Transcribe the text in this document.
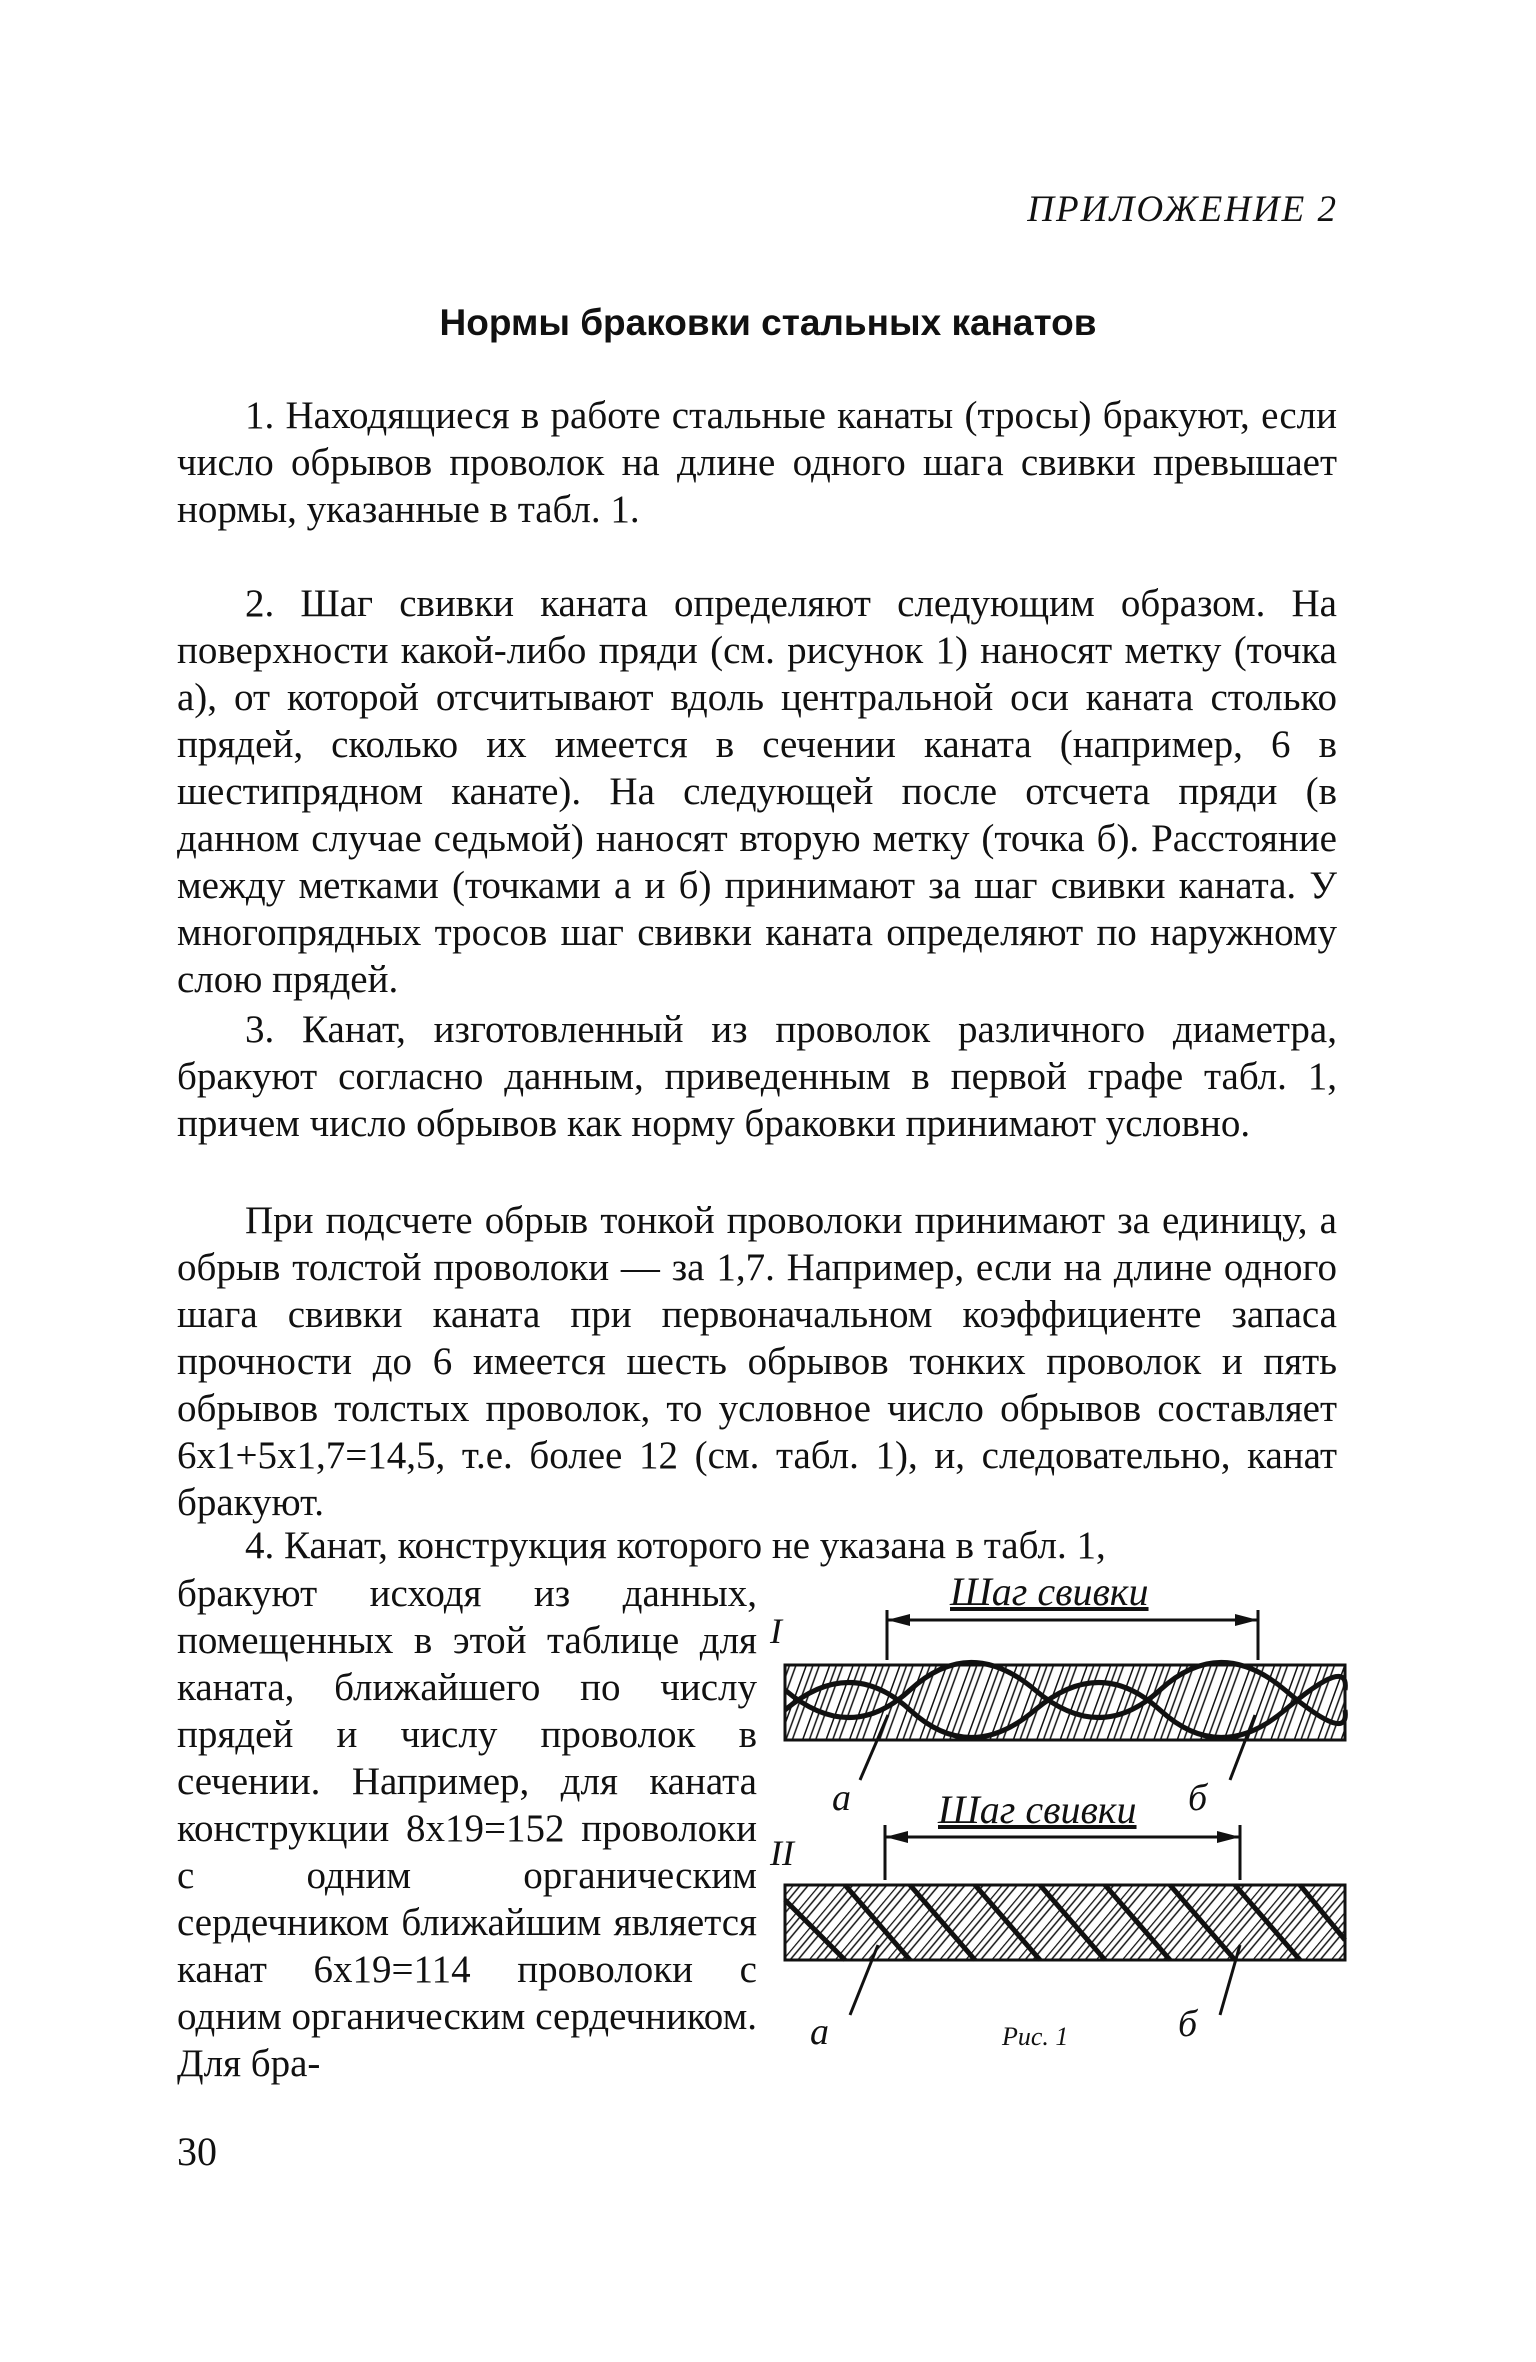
ПРИЛОЖЕНИЕ 2
Нормы браковки стальных канатов

1. Находящиеся в работе стальные канаты (тросы) бракуют, если число обрывов проволок на длине одного шага свивки превышает нормы, указанные в табл. 1.

2. Шаг свивки каната определяют следующим образом. На поверхности какой-либо пряди (см. рисунок 1) наносят метку (точка а), от которой отсчитывают вдоль центральной оси каната столько прядей, сколько их имеется в сечении каната (например, 6 в шестипрядном канате). На следующей после отсчета пряди (в данном случае седьмой) наносят вторую метку (точка б). Расстояние между метками (точками а и б) принимают за шаг свивки каната. У многопрядных тросов шаг свивки каната определяют по наружному слою прядей.

3. Канат, изготовленный из проволок различного диаметра, бракуют согласно данным, приведенным в первой графе табл. 1, причем число обрывов как норму браковки принимают условно.

При подсчете обрыв тонкой проволоки принимают за единицу, а обрыв толстой проволоки — за 1,7. Например, если на длине одного шага свивки каната при первоначальном коэффициенте запаса прочности до 6 имеется шесть обрывов тонких проволок и пять обрывов толстых проволок, то условное число обрывов составляет 6x1+5x1,7=14,5, т.е. более 12 (см. табл. 1), и, следовательно, канат бракуют.

4. Канат, конструкция которого не указана в табл. 1,

бракуют исходя из данных, помещенных в этой таблице для каната, ближайшего по числу прядей и числу проволок в сечении. Например, для каната конструкции 8x19=152 проволоки с одним органическим сердечником ближайшим является канат 6x19=114 проволоки с одним органическим сердечником. Для бра-
I
Шаг свивки
а	б
II
Шаг свивки
а	б
Рис. 1
30
